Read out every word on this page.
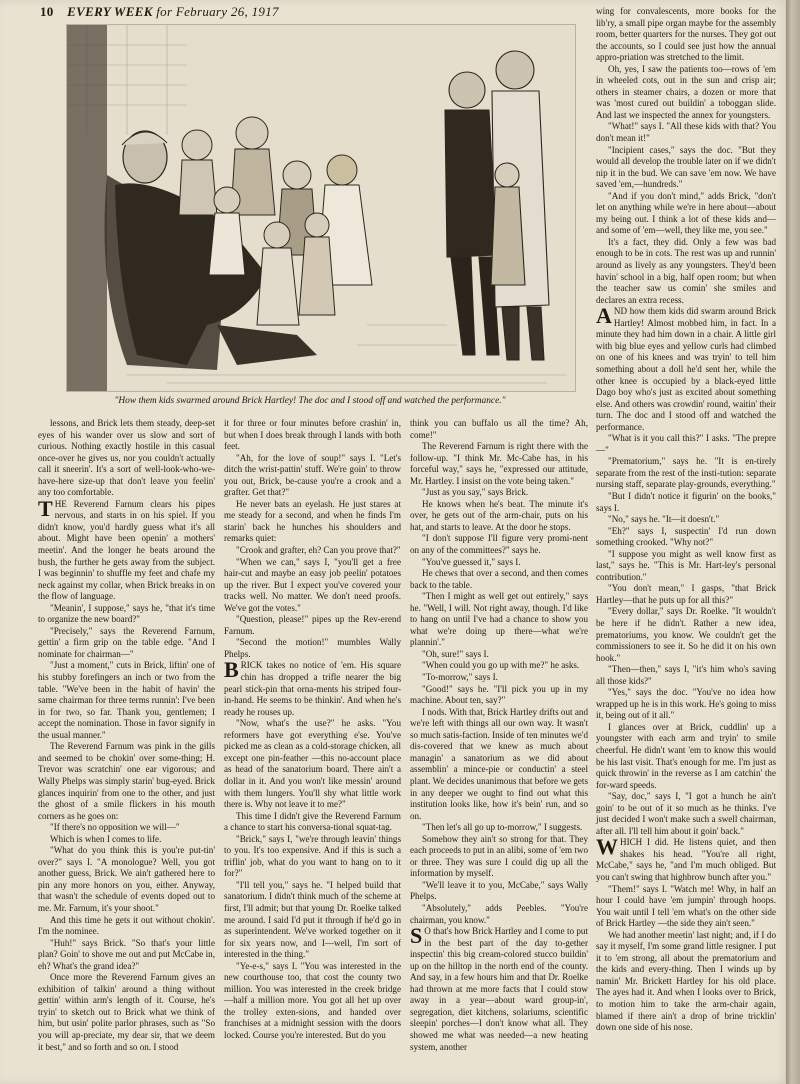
10 EVERY WEEK for February 26, 1917
"How them kids swarmed around Brick Hartley! The doc and I stood off and watched the performance."

lessons, and Brick lets them steady, deep-set eyes of his wander over us slow and sort of curious. Nothing exactly hostile in this casual once-over he gives us, nor you couldn't actually call it sneerin'. It's a sort of well-look-who-we-have-here size-up that don't leave you feelin' any too comfortable.

THE Reverend Farnum clears his pipes nervous, and starts in on his spiel. If you didn't know, you'd hardly guess what it's all about. Might have been openin' a mothers' meetin'. And the longer he beats around the bush, the further he gets away from the subject. I was beginnin' to shuffle my feet and chafe my neck against my collar, when Brick breaks in on the flow of language.

"Meanin', I suppose," says he, "that it's time to organize the new board?"

"Precisely," says the Reverend Farnum, gettin' a firm grip on the table edge. "And I nominate for chairman—"

"Just a moment," cuts in Brick, liftin' one of his stubby forefingers an inch or two from the table. "We've been in the habit of havin' the same chairman for three terms runnin': I've been in for two, so far. Thank you, gentlemen; I accept the nomination. Those in favor signify in the usual manner."

The Reverend Farnum was pink in the gills and seemed to be chokin' over some-thing; H. Trevor was scratchin' one ear vigorous; and Wally Phelps was simply starin' bug-eyed. Brick glances inquirin' from one to the other, and just the ghost of a smile flickers in his mouth corners as he goes on:

"If there's no opposition we will—"

Which is when I comes to life.

"What do you think this is you're put-tin' over?" says I. "A monologue? Well, you got another guess, Brick. We ain't gathered here to pin any more honors on you, either. Anyway, that wasn't the schedule of events doped out to me. Mr. Farnum, it's your shoot."

And this time he gets it out without chokin'. I'm the nominee.

"Huh!" says Brick. "So that's your little plan? Goin' to shove me out and put McCabe in, eh? What's the grand idea?"

Once more the Reverend Farnum gives an exhibition of talkin' around a thing without gettin' within arm's length of it. Course, he's tryin' to sketch out to Brick what we think of him, but usin' polite parlor phrases, such as "So you will ap-preciate, my dear sir, that we deem it best," and so forth and so on. I stood

it for three or four minutes before crashin' in, but when I does break through I lands with both feet.

"Ah, for the love of soup!" says I. "Let's ditch the wrist-pattin' stuff. We're goin' to throw you out, Brick, be-cause you're a crook and a grafter. Get that?"

He never bats an eyelash. He just stares at me steady for a second, and when he finds I'm starin' back he hunches his shoulders and remarks quiet:

"Crook and grafter, eh? Can you prove that?"

"When we can," says I, "you'll get a free hair-cut and maybe an easy job peelin' potatoes up the river. But I expect you've covered your tracks well. No matter. We don't need proofs. We've got the votes."

"Question, please!" pipes up the Rev-erend Farnum.

"Second the motion!" mumbles Wally Phelps.

BRICK takes no notice of 'em. His square chin has dropped a trifle nearer the big pearl stick-pin that orna-ments his striped four-in-hand. He seems to be thinkin'. And when he's ready he rouses up.

"Now, what's the use?" he asks. "You reformers have got everything e'se. You've picked me as clean as a cold-storage chicken, all except one pin-feather —this no-account place as head of the sanatorium board. There ain't a dollar in it. And you won't like messin' around with them lungers. You'll shy what little work there is. Why not leave it to me?"

This time I didn't give the Reverend Farnum a chance to start his conversa-tional squat-tag.

"Brick," says I, "we're through leavin' things to you. It's too expensive. And if this is such a triflin' job, what do you want to hang on to it for?"

"I'll tell you," says he. "I helped build that sanatorium. I didn't think much of the scheme at first, I'll admit; but that young Dr. Roelke talked me around. I said I'd put it through if he'd go in as superintendent. We've worked together on it for six years now, and I—well, I'm sort of interested in the thing."

"Ye-e-s," says I. "You was interested in the new courthouse too, that cost the county two million. You was interested in the creek bridge—half a million more. You got all het up over the trolley exten-sions, and handed over franchises at a midnight session with the doors locked. Course you're interested. But do you

think you can buffalo us all the time? Ah, come!"

The Reverend Farnum is right there with the follow-up. "I think Mr. Mc-Cabe has, in his forceful way," says he, "expressed our attitude, Mr. Hartley. I insist on the vote being taken."

"Just as you say," says Brick.

He knows when he's beat. The minute it's over, he gets out of the arm-chair, puts on his hat, and starts to leave. At the door he stops.

"I don't suppose I'll figure very promi-nent on any of the committees?" says he.

"You've guessed it," says I.

He chews that over a second, and then comes back to the table.

"Then I might as well get out entirely," says he. "Well, I will. Not right away, though. I'd like to hang on until I've had a chance to show you what we're doing up there—what we're plannin'."

"Oh, sure!" says I.

"When could you go up with me?" he asks.

"To-morrow," says I.

"Good!" says he. "I'll pick you up in my machine. About ten, say?"

I nods. With that, Brick Hartley drifts out and we're left with things all our own way. It wasn't so much satis-faction. Inside of ten minutes we'd dis-covered that we knew as much about managin' a sanatorium as we did about assemblin' a mince-pie or conductin' a steel plant. We decides unanimous that before we gets in any deeper we ought to find out what this institution looks like, how it's bein' run, and so on.

"Then let's all go up to-morrow," I suggests.

Somehow they ain't so strong for that. They each proceeds to put in an alibi, some of 'em two or three. They was sure I could dig up all the information by myself.

"We'll leave it to you, McCabe," says Wally Phelps.

"Absolutely," adds Peebles. "You're chairman, you know."

S O that's how Brick Hartley and I come to put in the best part of the day to-gether inspectin' this big cream-colored stucco buildin' up on the hilltop in the north end of the county. And say, in a few hours him and that Dr. Roelke had thrown at me more facts that I could stow away in a year—about ward group-in', segregation, diet kitchens, solariums, scientific sleepin' porches—I don't know what all. They showed me what was needed—a new heating system, another

wing for convalescents, more books for the lib'ry, a small pipe organ maybe for the assembly room, better quarters for the nurses. They got out the accounts, so I could see just how the annual appro-priation was stretched to the limit.

Oh, yes, I saw the patients too—rows of 'em in wheeled cots, out in the sun and crisp air; others in steamer chairs, a dozen or more that was 'most cured out buildin' a toboggan slide. And last we inspected the annex for youngsters.

"What!" says I. "All these kids with that? You don't mean it!"

"Incipient cases," says the doc. "But they would all develop the trouble later on if we didn't nip it in the bud. We can save 'em now. We have saved 'em,—hundreds."

"And if you don't mind," adds Brick, "don't let on anything while we're in here about—about my being out. I think a lot of these kids and—and some of 'em—well, they like me, you see."

It's a fact, they did. Only a few was bad enough to be in cots. The rest was up and runnin' around as lively as any youngsters. They'd been havin' school in a big, half open room; but when the teacher saw us comin' she smiles and declares an extra recess.

AND how them kids did swarm around Brick Hartley! Almost mobbed him, in fact. In a minute they had him down in a chair. A little girl with big blue eyes and yellow curls had climbed on one of his knees and was tryin' to tell him something about a doll he'd sent her, while the other knee is occupied by a black-eyed little Dago boy who's just as excited about something else. And others was crowdin' round, waitin' their turn. The doc and I stood off and watched the performance.

"What is it you call this?" I asks. "The prepre—"

"Prematorium," says he. "It is en-tirely separate from the rest of the insti-tution: separate nursing staff, separate play-grounds, everything."

"But I didn't notice it figurin' on the books," says I.

"No," says he. "It—it doesn't."

"Eh?" says I, suspectin' I'd run down something crooked. "Why not?"

"I suppose you might as well know first as last," says he. "This is Mr. Hart-ley's personal contribution."

"You don't mean," I gasps, "that Brick Hartley—that he puts up for all this?"

"Every dollar," says Dr. Roelke. "It wouldn't be here if he didn't. Rather a new idea, prematoriums, you know. We couldn't get the commissioners to see it. So he did it on his own hook."

"Then—then," says I, "it's him who's saving all those kids?"

"Yes," says the doc. "You've no idea how wrapped up he is in this work. He's going to miss it, being out of it all."

I glances over at Brick, cuddlin' up a youngster with each arm and tryin' to smile cheerful. He didn't want 'em to know this would be his last visit. That's enough for me. I'm just as quick throwin' in the reverse as I am catchin' the for-ward speeds.

"Say, doc," says I, "I got a hunch he ain't goin' to be out of it so much as he thinks. I've just decided I won't make such a swell chairman, after all. I'll tell him about it goin' back."

WHICH I did. He listens quiet, and then shakes his head. "You're all right, McCabe," says he, "and I'm much obliged. But you can't swing that highbrow bunch after you."

"Them!" says I. "Watch me! Why, in half an hour I could have 'em jumpin' through hoops. You wait until I tell 'em what's on the other side of Brick Hartley —the side they ain't seen."

We had another meetin' last night; and, if I do say it myself, I'm some grand little resigner. I put it to 'em strong, all about the prematorium and the kids and every-thing. Then I winds up by namin' Mr. Brickett Hartley for his old place. The ayes had it. And when I looks over to Brick, to motion him to take the arm-chair again, blamed if there ain't a drop of brine tricklin' down one side of his nose.
